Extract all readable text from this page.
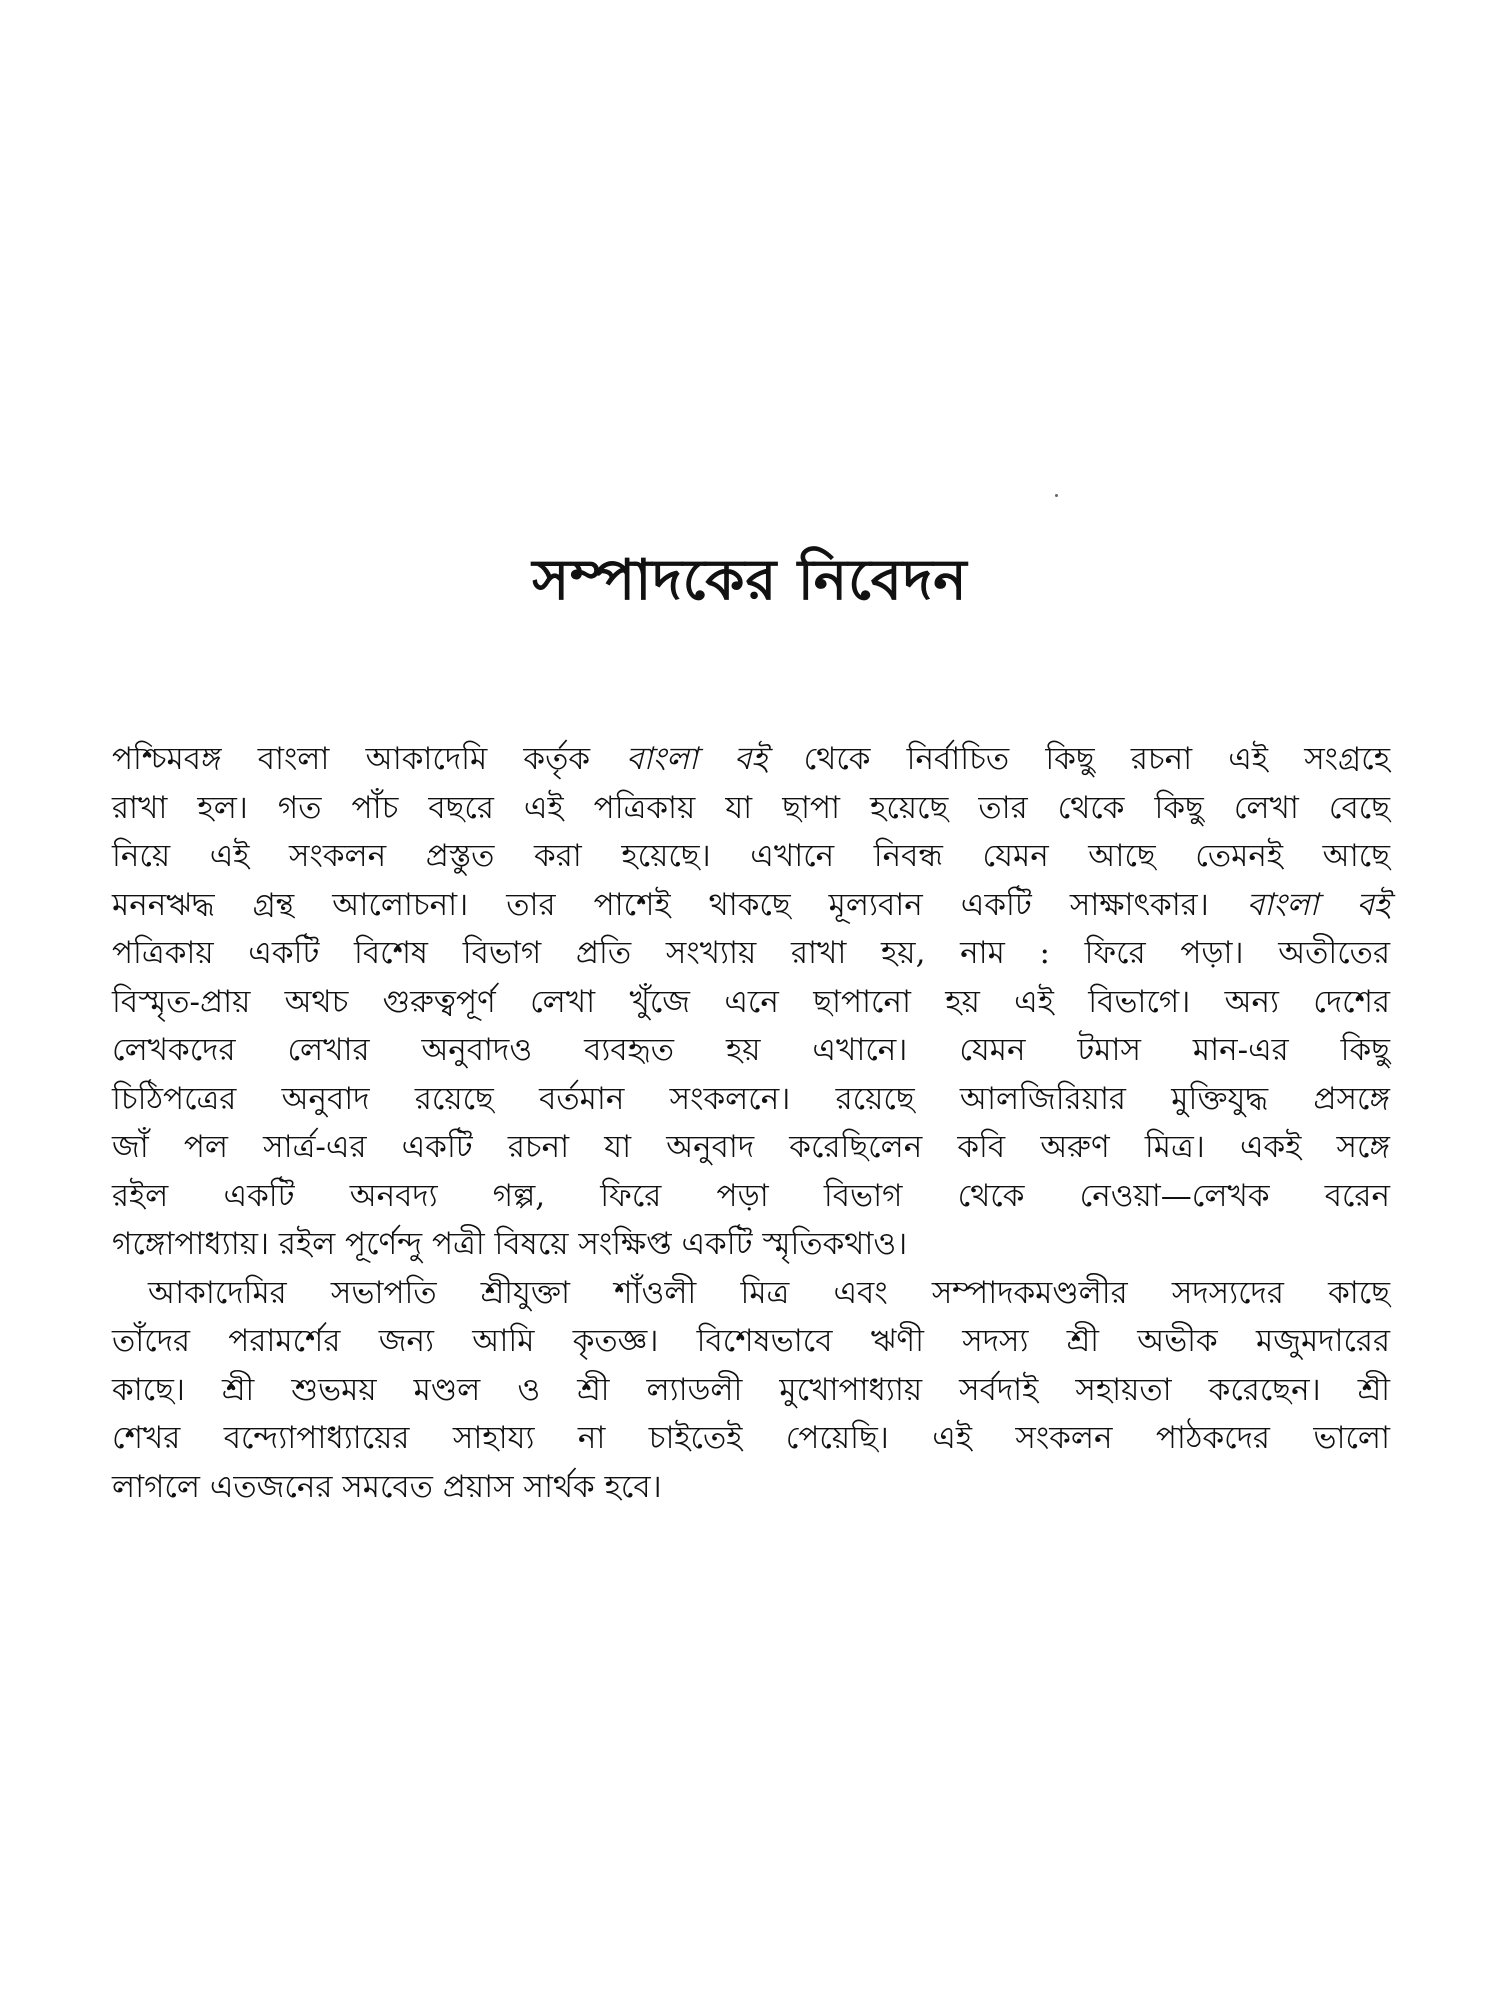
সম্পাদকের নিবেদন
পশ্চিমবঙ্গ বাংলা আকাদেমি কর্তৃক বাংলা বই থেকে নির্বাচিত কিছু রচনা এই সংগ্রহে
রাখা হল। গত পাঁচ বছরে এই পত্রিকায় যা ছাপা হয়েছে তার থেকে কিছু লেখা বেছে
নিয়ে এই সংকলন প্রস্তুত করা হয়েছে। এখানে নিবন্ধ যেমন আছে তেমনই আছে
মননঋদ্ধ গ্রন্থ আলোচনা। তার পাশেই থাকছে মূল্যবান একটি সাক্ষাৎকার। বাংলা বই
পত্রিকায় একটি বিশেষ বিভাগ প্রতি সংখ্যায় রাখা হয়, নাম : ফিরে পড়া। অতীতের
বিস্মৃত-প্রায় অথচ গুরুত্বপূর্ণ লেখা খুঁজে এনে ছাপানো হয় এই বিভাগে। অন্য দেশের
লেখকদের লেখার অনুবাদও ব্যবহৃত হয় এখানে। যেমন টমাস মান-এর কিছু
চিঠিপত্রের অনুবাদ রয়েছে বর্তমান সংকলনে। রয়েছে আলজিরিয়ার মুক্তিযুদ্ধ প্রসঙ্গে
জাঁ পল সার্ত্র-এর একটি রচনা যা অনুবাদ করেছিলেন কবি অরুণ মিত্র। একই সঙ্গে
রইল একটি অনবদ্য গল্প, ফিরে পড়া বিভাগ থেকে নেওয়া—লেখক বরেন
গঙ্গোপাধ্যায়। রইল পূর্ণেন্দু পত্রী বিষয়ে সংক্ষিপ্ত একটি স্মৃতিকথাও।
আকাদেমির সভাপতি শ্রীযুক্তা শাঁওলী মিত্র এবং সম্পাদকমণ্ডলীর সদস্যদের কাছে
তাঁদের পরামর্শের জন্য আমি কৃতজ্ঞ। বিশেষভাবে ঋণী সদস্য শ্রী অভীক মজুমদারের
কাছে। শ্রী শুভময় মণ্ডল ও শ্রী ল্যাডলী মুখোপাধ্যায় সর্বদাই সহায়তা করেছেন। শ্রী
শেখর বন্দ্যোপাধ্যায়ের সাহায্য না চাইতেই পেয়েছি। এই সংকলন পাঠকদের ভালো
লাগলে এতজনের সমবেত প্রয়াস সার্থক হবে।
